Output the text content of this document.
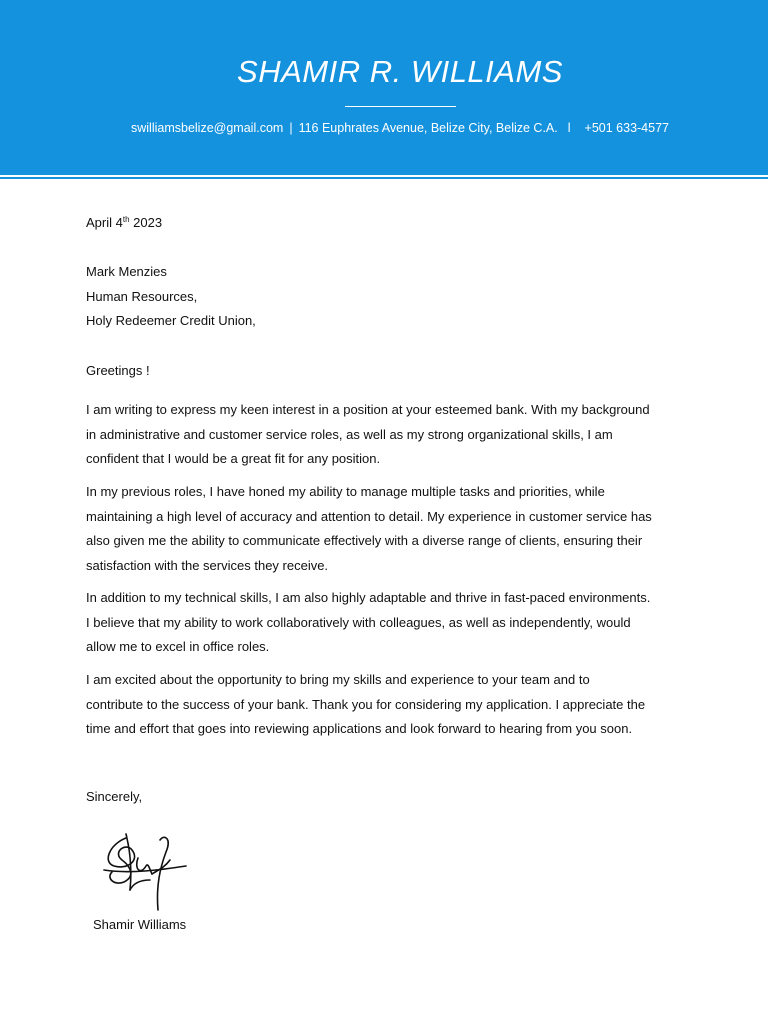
SHAMIR R. WILLIAMS
swilliamsbelize@gmail.com | 116 Euphrates Avenue, Belize City, Belize C.A. l +501 633-4577
April 4th 2023
Mark Menzies
Human Resources,
Holy Redeemer Credit Union,
Greetings !
I am writing to express my keen interest in a position at your esteemed bank. With my background
in administrative and customer service roles, as well as my strong organizational skills, I am
confident that I would be a great fit for any position.
In my previous roles, I have honed my ability to manage multiple tasks and priorities, while
maintaining a high level of accuracy and attention to detail. My experience in customer service has
also given me the ability to communicate effectively with a diverse range of clients, ensuring their
satisfaction with the services they receive.
In addition to my technical skills, I am also highly adaptable and thrive in fast-paced environments.
I believe that my ability to work collaboratively with colleagues, as well as independently, would
allow me to excel in office roles.
I am excited about the opportunity to bring my skills and experience to your team and to
contribute to the success of your bank. Thank you for considering my application. I appreciate the
time and effort that goes into reviewing applications and look forward to hearing from you soon.
Sincerely,
Shamir Williams
